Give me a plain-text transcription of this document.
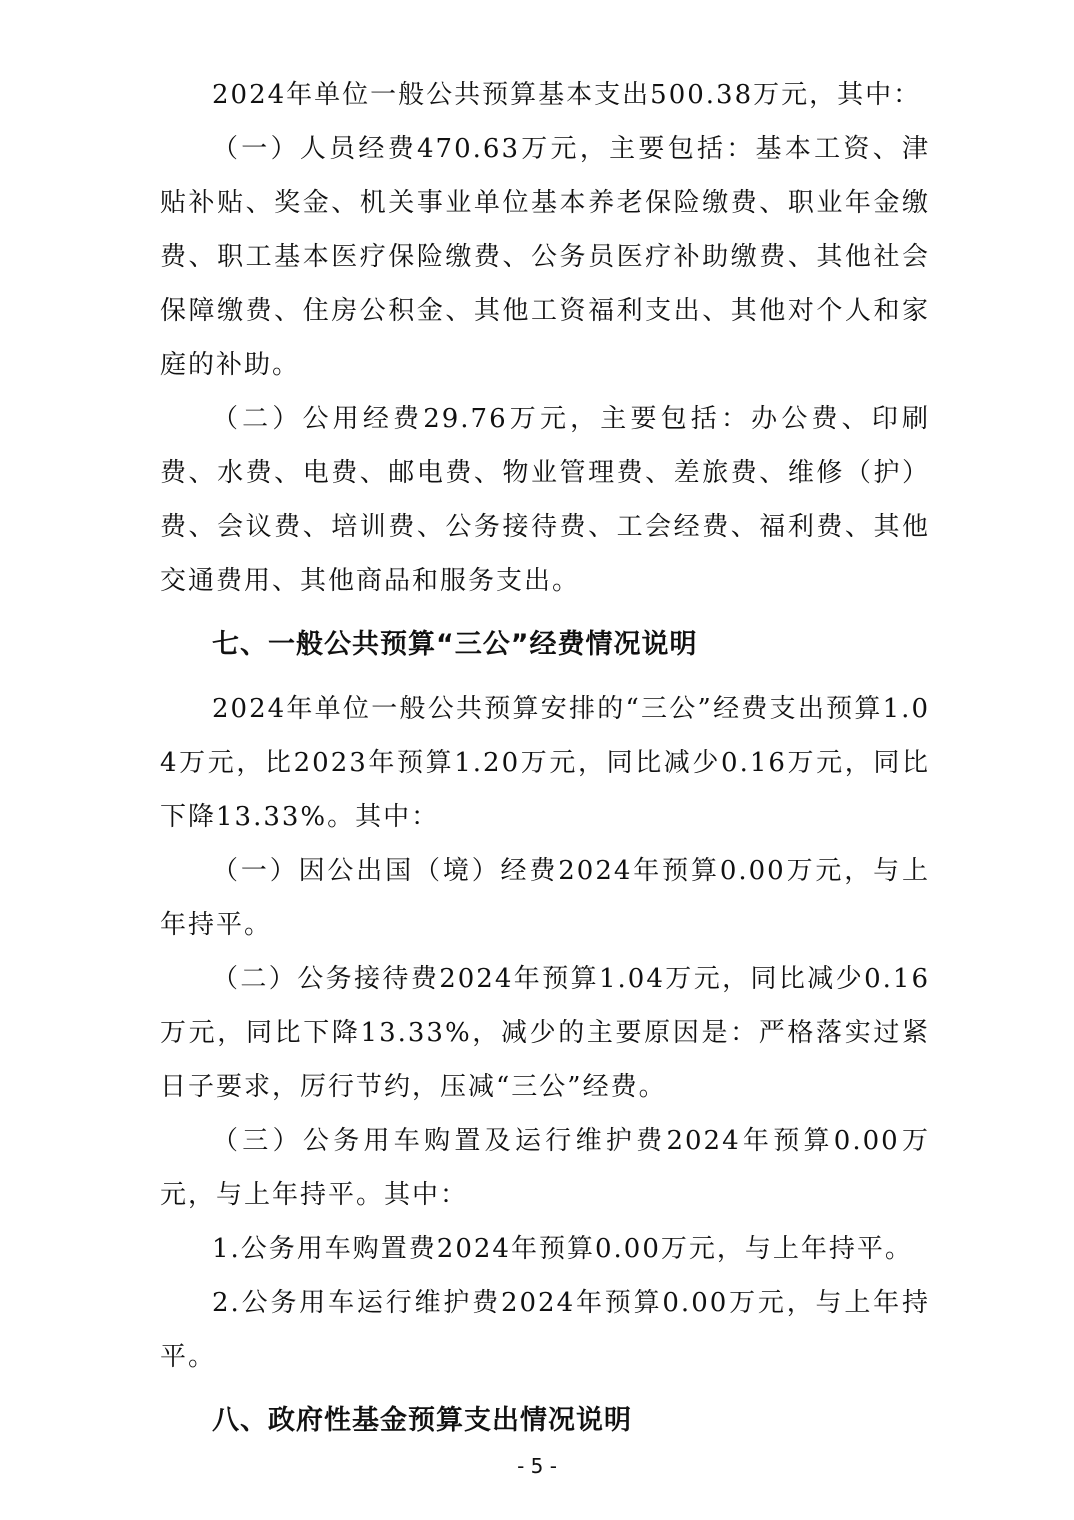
2024年单位一般公共预算基本支出500.38万元，其中：

（一）人员经费470.63万元，主要包括：基本工资、津贴补贴、奖金、机关事业单位基本养老保险缴费、职业年金缴费、职工基本医疗保险缴费、公务员医疗补助缴费、其他社会保障缴费、住房公积金、其他工资福利支出、其他对个人和家庭的补助。

（二）公用经费29.76万元，主要包括：办公费、印刷费、水费、电费、邮电费、物业管理费、差旅费、维修（护）费、会议费、培训费、公务接待费、工会经费、福利费、其他交通费用、其他商品和服务支出。

七、一般公共预算“三公”经费情况说明

2024年单位一般公共预算安排的“三公”经费支出预算1.04万元，比2023年预算1.20万元，同比减少0.16万元，同比下降13.33%。其中：

（一）因公出国（境）经费2024年预算0.00万元，与上年持平。

（二）公务接待费2024年预算1.04万元，同比减少0.16万元，同比下降13.33%，减少的主要原因是：严格落实过紧日子要求，厉行节约，压减“三公”经费。

（三）公务用车购置及运行维护费2024年预算0.00万元，与上年持平。其中：

1.公务用车购置费2024年预算0.00万元，与上年持平。

2.公务用车运行维护费2024年预算0.00万元，与上年持平。

八、政府性基金预算支出情况说明
- 5 -
